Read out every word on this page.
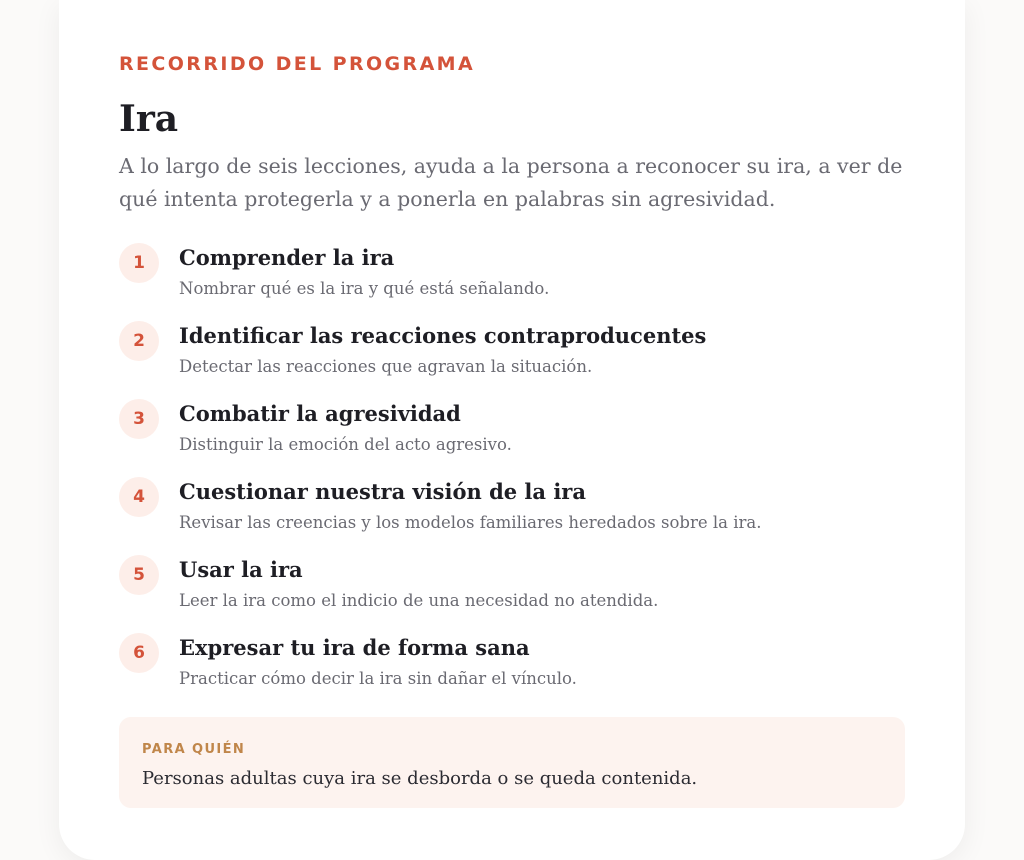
RECORRIDO DEL PROGRAMA
Ira

A lo largo de seis lecciones, ayuda a la persona a reconocer su ira, a ver de qué intenta protegerla y a ponerla en palabras sin agresividad.

1	Comprender la ira
Nombrar qué es la ira y qué está señalando.
2	Identificar las reacciones contraproducentes
Detectar las reacciones que agravan la situación.
3	Combatir la agresividad
Distinguir la emoción del acto agresivo.
4	Cuestionar nuestra visión de la ira
Revisar las creencias y los modelos familiares heredados sobre la ira.
5	Usar la ira
Leer la ira como el indicio de una necesidad no atendida.
6	Expresar tu ira de forma sana
Practicar cómo decir la ira sin dañar el vínculo.
PARA QUIÉN
Personas adultas cuya ira se desborda o se queda contenida.
